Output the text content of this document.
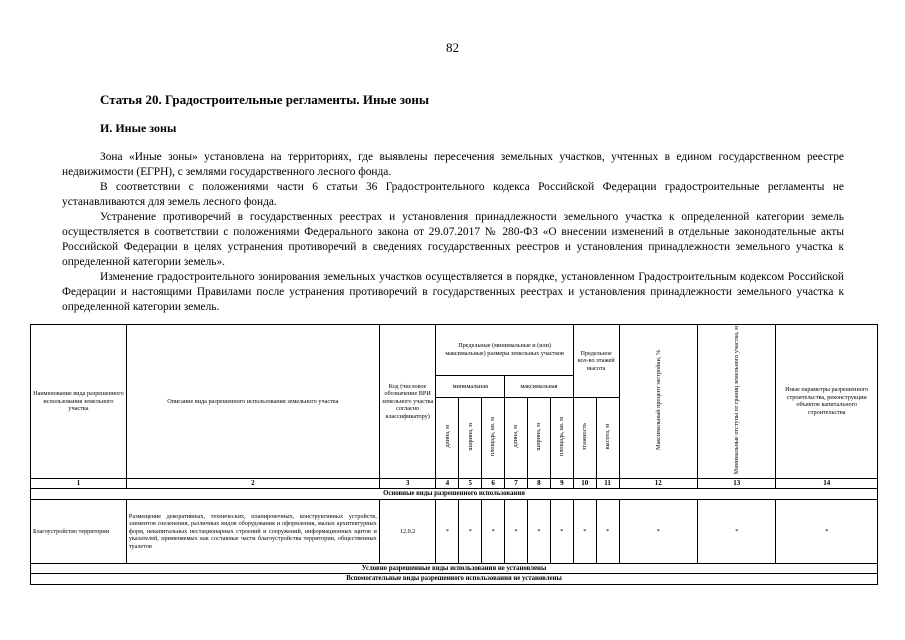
82
Статья 20. Градостроительные регламенты. Иные зоны
И. Иные зоны

Зона «Иные зоны» установлена на территориях, где выявлены пересечения земельных участков, учтенных в едином государственном реестре недвижимости (ЕГРН), с землями государственного лесного фонда.

В соответствии с положениями части 6 статьи 36 Градостроительного кодекса Российской Федерации градостроительные регламенты не устанавливаются для земель лесного фонда.

Устранение противоречий в государственных реестрах и установления принадлежности земельного участка к определенной категории земель осуществляется в соответствии с положениями Федерального закона от 29.07.2017 № 280-ФЗ «О внесении изменений в отдельные законодательные акты Российской Федерации в целях устранения противоречий в сведениях государственных реестров и установления принадлежности земельного участка к определенной категории земель».

Изменение градостроительного зонирования земельных участков осуществляется в порядке, установленном Градостроительным кодексом Российской Федерации и настоящими Правилами после устранения противоречий в государственных реестрах и установления принадлежности земельного участка к определенной категории земель.

Наименование вида разрешенного использования земельного участка	Описание вида разрешенного использования земельного участка	Код (числовое обозначение ВРИ земельного участка согласно классификатору)	Предельные (минимальные и (или) максимальные) размеры земельных участков						Предельное кол-во этажей высота		Максимальный процент застройки, %	Минимальные отступы от границ земельного участка, м	Иные параметры разрешенного строительства, реконструкции объектов капитального строительства
			минимальная			максимальная							
			длина, м	ширина, м	площадь, кв. м	длина, м	ширина, м	площадь, кв. м	этажность	высота, м			
1	2	3	4	5	6	7	8	9	10	11	12	13	14
Основные виды разрешенного использования													
Благоустройство территории	Размещение декоративных, технических, планировочных, конструктивных устройств, элементов озеленения, различных видов оборудования и оформления, малых архитектурных форм, некапитальных нестационарных строений и сооружений, информационных щитов и указателей, применяемых как составные части благоустройства территории, общественных туалетов	12.0.2	*	*	*	*	*	*	*	*	*	*	*
Условно разрешенные виды использования не установлены													
Вспомогательные виды разрешенного использования не установлены													
